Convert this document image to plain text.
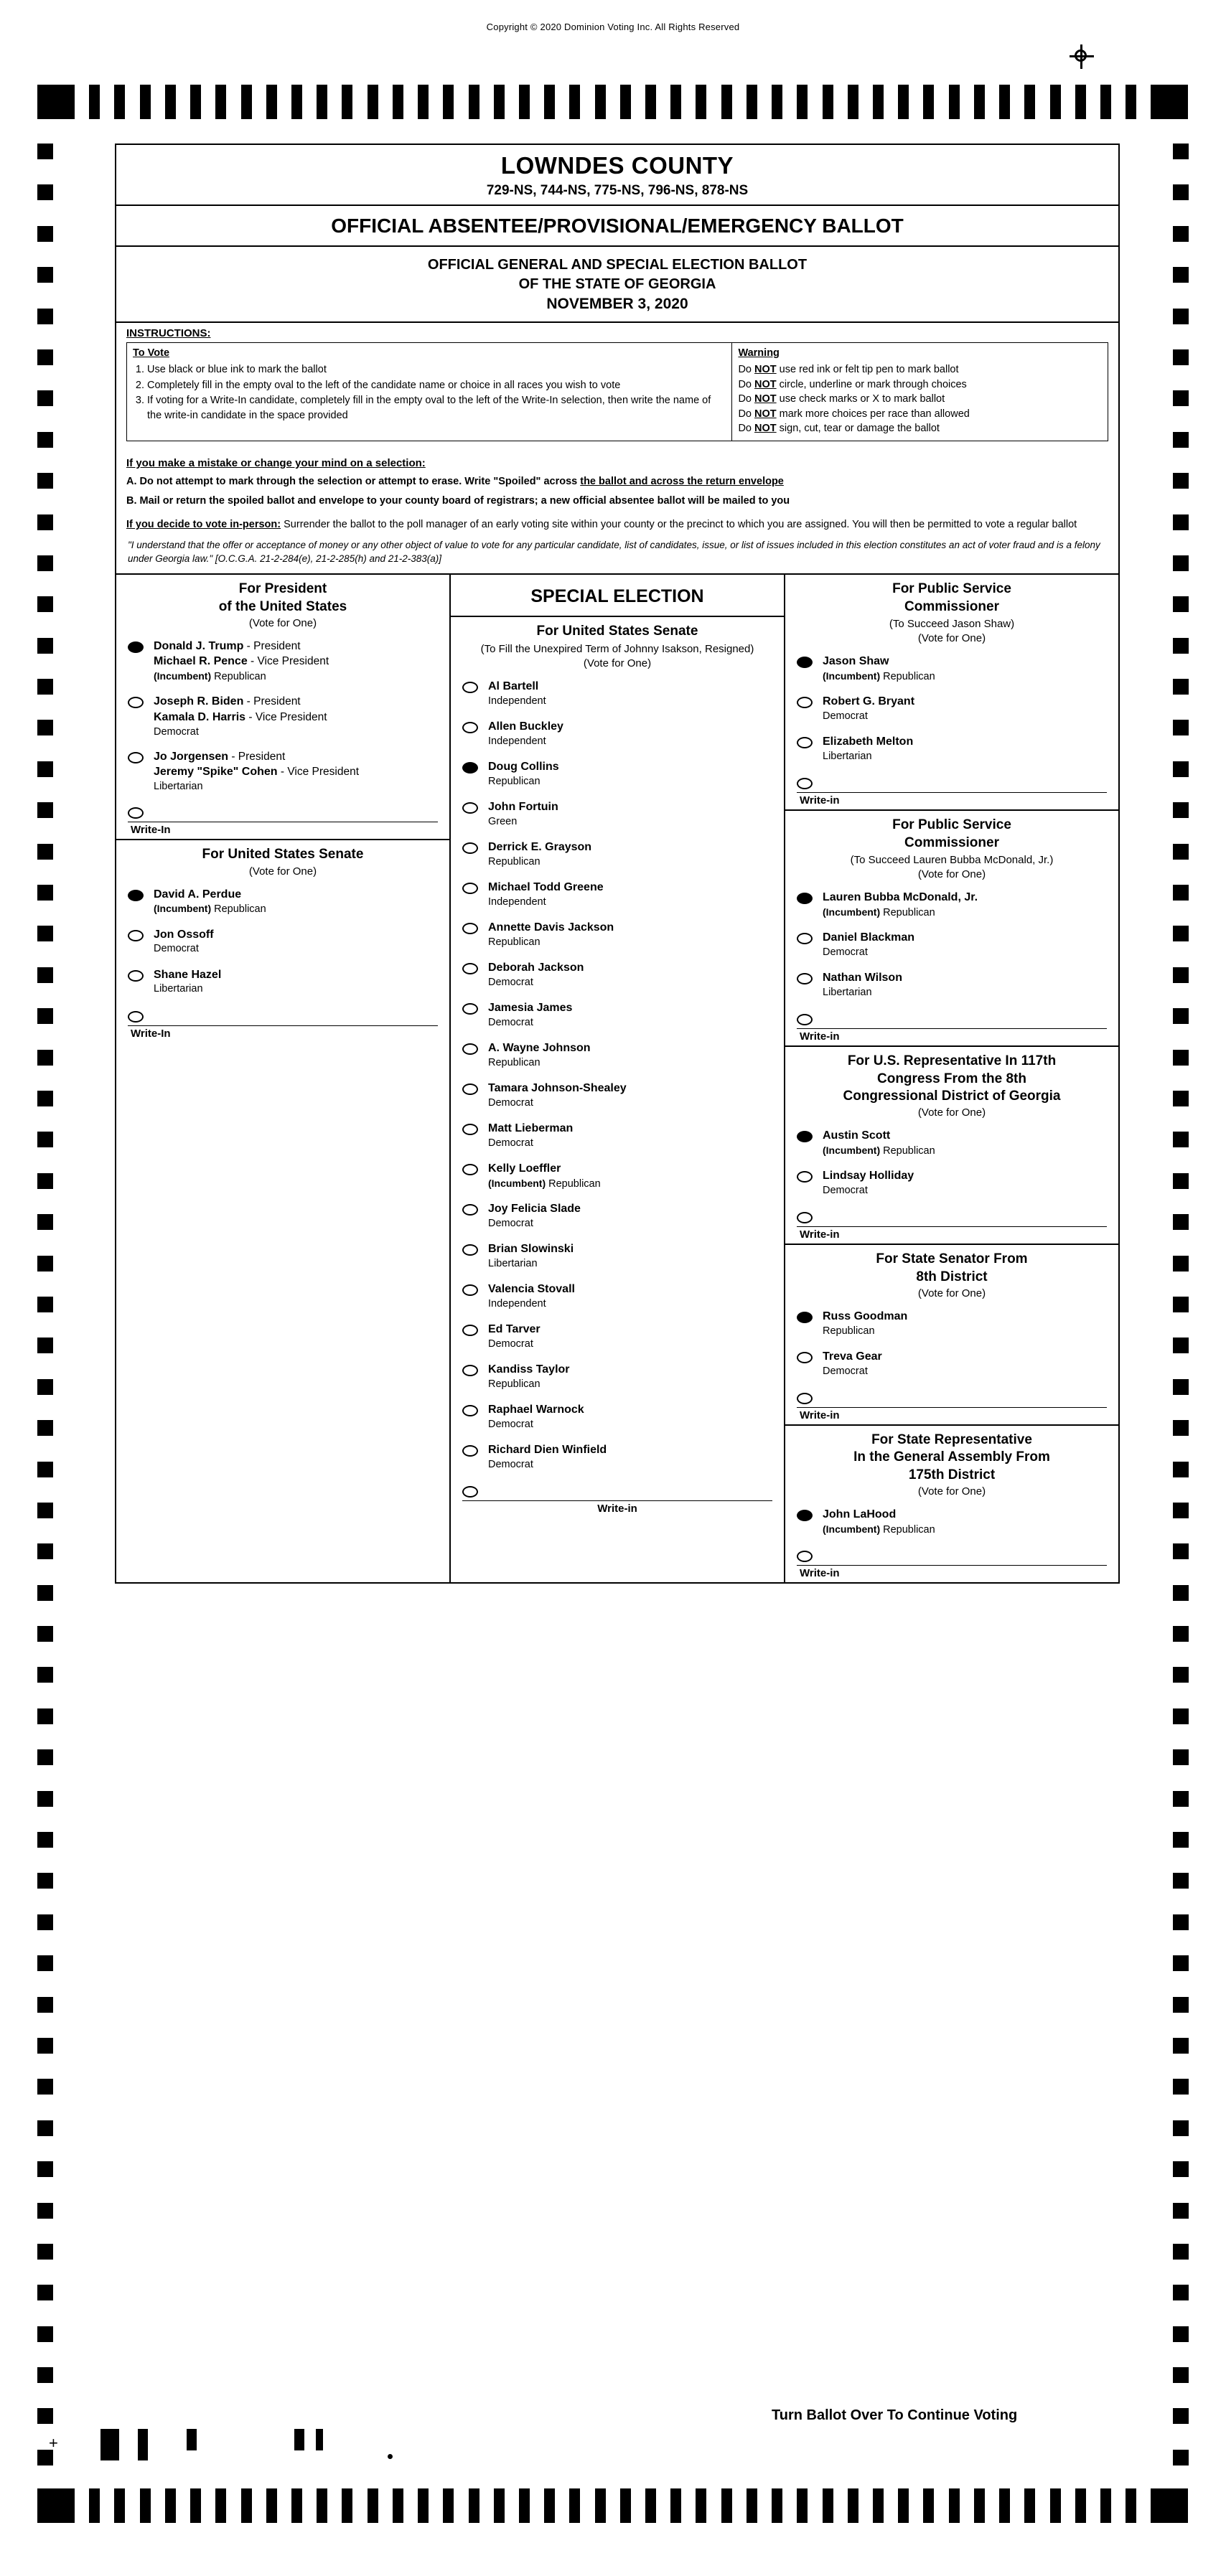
Copyright © 2020 Dominion Voting Inc. All Rights Reserved
LOWNDES COUNTY
729-NS, 744-NS, 775-NS, 796-NS, 878-NS
OFFICIAL ABSENTEE/PROVISIONAL/EMERGENCY BALLOT
OFFICIAL GENERAL AND SPECIAL ELECTION BALLOT
OF THE STATE OF GEORGIA
NOVEMBER 3, 2020
INSTRUCTIONS:
To Vote
1. Use black or blue ink to mark the ballot
2. Completely fill in the empty oval to the left of the candidate name or choice in all races you wish to vote
3. If voting for a Write-In candidate, completely fill in the empty oval to the left of the Write-In selection, then write the name of the write-in candidate in the space provided
Warning
Do NOT use red ink or felt tip pen to mark ballot
Do NOT circle, underline or mark through choices
Do NOT use check marks or X to mark ballot
Do NOT mark more choices per race than allowed
Do NOT sign, cut, tear or damage the ballot
If you make a mistake or change your mind on a selection:

A. Do not attempt to mark through the selection or attempt to erase. Write "Spoiled" across the ballot and across the return envelope

B. Mail or return the spoiled ballot and envelope to your county board of registrars; a new official absentee ballot will be mailed to you

If you decide to vote in-person: Surrender the ballot to the poll manager of an early voting site within your county or the precinct to which you are assigned. You will then be permitted to vote a regular ballot
"I understand that the offer or acceptance of money or any other object of value to vote for any particular candidate, list of candidates, issue, or list of issues included in this election constitutes an act of voter fraud and is a felony under Georgia law." [O.C.G.A. 21-2-284(e), 21-2-285(h) and 21-2-383(a)]
For President
of the United States
(Vote for One)
Donald J. Trump - President
Michael R. Pence - Vice President
(Incumbent) Republican
Joseph R. Biden - President
Kamala D. Harris - Vice President
Democrat
Jo Jorgensen - President
Jeremy "Spike" Cohen - Vice President
Libertarian
Write-In
For United States Senate
(Vote for One)
David A. Perdue
(Incumbent) Republican
Jon Ossoff
Democrat
Shane Hazel
Libertarian
Write-In
SPECIAL ELECTION
For United States Senate
(To Fill the Unexpired Term of Johnny Isakson, Resigned)
(Vote for One)
Al Bartell
Independent
Allen Buckley
Independent
Doug Collins
Republican
John Fortuin
Green
Derrick E. Grayson
Republican
Michael Todd Greene
Independent
Annette Davis Jackson
Republican
Deborah Jackson
Democrat
Jamesia James
Democrat
A. Wayne Johnson
Republican
Tamara Johnson-Shealey
Democrat
Matt Lieberman
Democrat
Kelly Loeffler
(Incumbent) Republican
Joy Felicia Slade
Democrat
Brian Slowinski
Libertarian
Valencia Stovall
Independent
Ed Tarver
Democrat
Kandiss Taylor
Republican
Raphael Warnock
Democrat
Richard Dien Winfield
Democrat
Write-in
For Public Service
Commissioner
(To Succeed Jason Shaw)
(Vote for One)
Jason Shaw
(Incumbent) Republican
Robert G. Bryant
Democrat
Elizabeth Melton
Libertarian
Write-in
For Public Service
Commissioner
(To Succeed Lauren Bubba McDonald, Jr.)
(Vote for One)
Lauren Bubba McDonald, Jr.
(Incumbent) Republican
Daniel Blackman
Democrat
Nathan Wilson
Libertarian
Write-in
For U.S. Representative In 117th
Congress From the 8th
Congressional District of Georgia
(Vote for One)
Austin Scott
(Incumbent) Republican
Lindsay Holliday
Democrat
Write-in
For State Senator From
8th District
(Vote for One)
Russ Goodman
Republican
Treva Gear
Democrat
Write-in
For State Representative
In the General Assembly From
175th District
(Vote for One)
John LaHood
(Incumbent) Republican
Write-in
Turn Ballot Over To Continue Voting
+
